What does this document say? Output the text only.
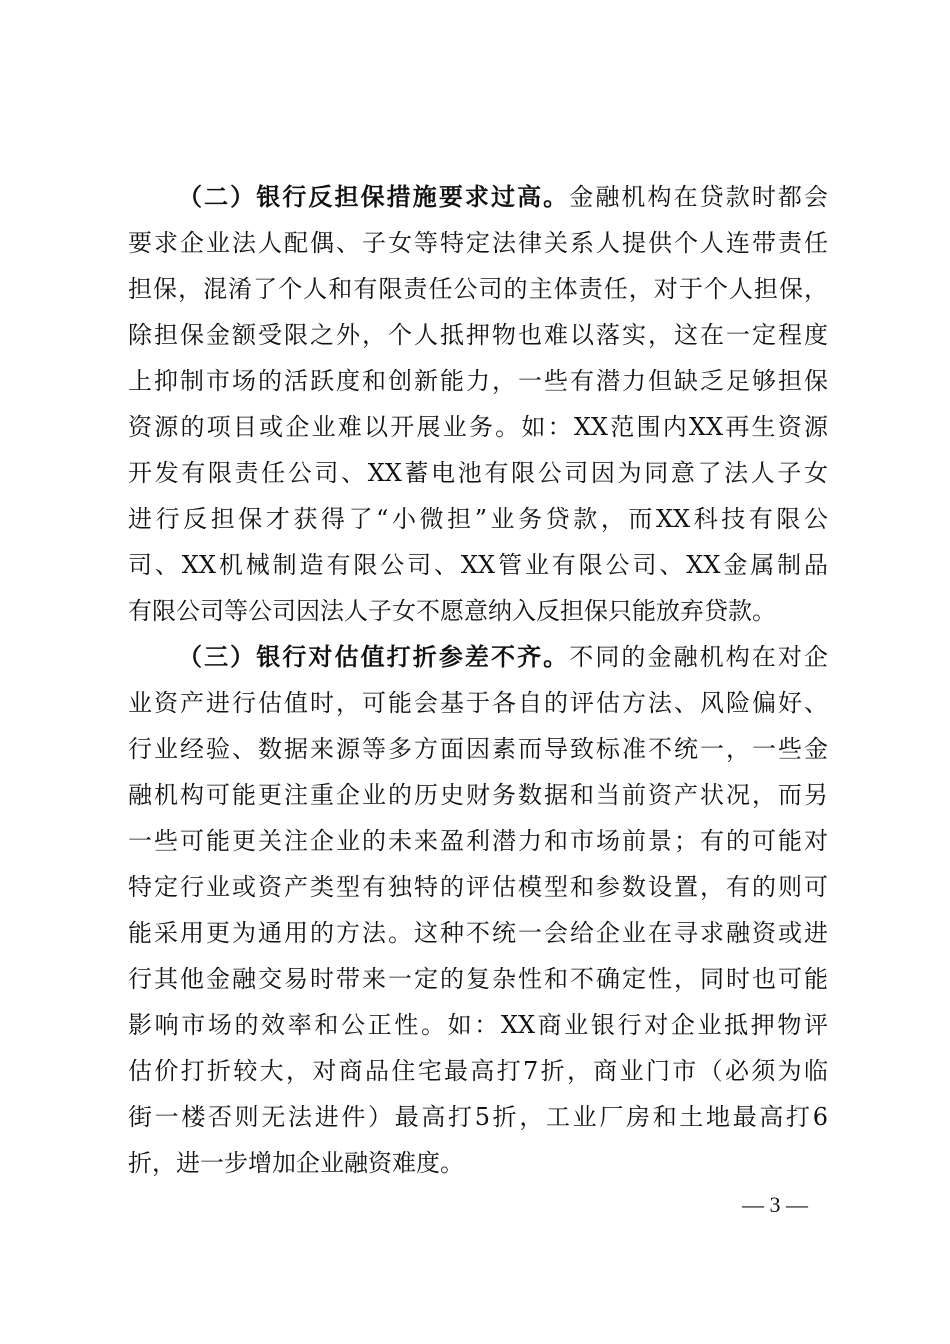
（二）银行反担保措施要求过高。金融机构在贷款时都会
要求企业法人配偶、子女等特定法律关系人提供个人连带责任
担保，混淆了个人和有限责任公司的主体责任，对于个人担保，
除担保金额受限之外，个人抵押物也难以落实，这在一定程度
上抑制市场的活跃度和创新能力，一些有潜力但缺乏足够担保
资源的项目或企业难以开展业务。如：XX范围内XX再生资源
开发有限责任公司、XX蓄电池有限公司因为同意了法人子女
进行反担保才获得了“小微担”业务贷款，而XX科技有限公
司、XX机械制造有限公司、XX管业有限公司、XX金属制品
有限公司等公司因法人子女不愿意纳入反担保只能放弃贷款。
（三）银行对估值打折参差不齐。不同的金融机构在对企
业资产进行估值时，可能会基于各自的评估方法、风险偏好、
行业经验、数据来源等多方面因素而导致标准不统一，一些金
融机构可能更注重企业的历史财务数据和当前资产状况，而另
一些可能更关注企业的未来盈利潜力和市场前景；有的可能对
特定行业或资产类型有独特的评估模型和参数设置，有的则可
能采用更为通用的方法。这种不统一会给企业在寻求融资或进
行其他金融交易时带来一定的复杂性和不确定性，同时也可能
影响市场的效率和公正性。如：XX商业银行对企业抵押物评
估价打折较大，对商品住宅最高打7折，商业门市（必须为临
街一楼否则无法进件）最高打5折，工业厂房和土地最高打6
折，进一步增加企业融资难度。
— 3 —
